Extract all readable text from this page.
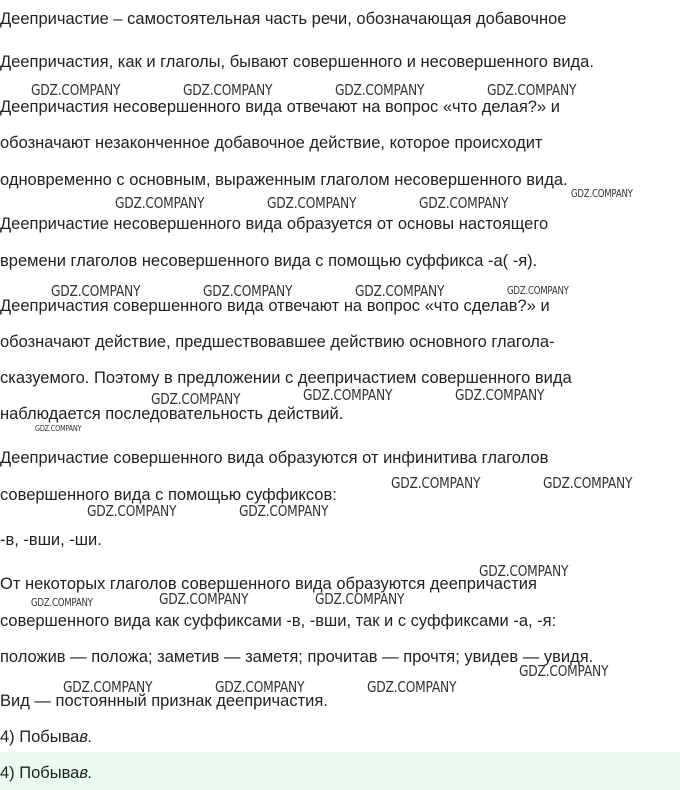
Деепричастие – самостоятельная часть речи, обозначающая добавочное
Деепричастия, как и глаголы, бывают совершенного и несовершенного вида.
Деепричастия несовершенного вида отвечают на вопрос «что делая?» и
обозначают незаконченное добавочное действие, которое происходит
одновременно с основным, выраженным глаголом несовершенного вида.
Деепричастие несовершенного вида образуется от основы настоящего
времени глаголов несовершенного вида с помощью суффикса -а( -я).
Деепричастия совершенного вида отвечают на вопрос «что сделав?» и
обозначают действие, предшествовавшее действию основного глагола-
сказуемого. Поэтому в предложении с деепричастием совершенного вида
наблюдается последовательность действий.
Деепричастие совершенного вида образуются от инфинитива глаголов
совершенного вида с помощью суффиксов:
-в, -вши, -ши.
От некоторых глаголов совершенного вида образуются деепричастия
совершенного вида как суффиксами -в, -вши, так и с суффиксами -а, -я:
положив — положа; заметив — заметя; прочитав — прочтя; увидев — увидя.
Вид — постоянный признак деепричастия.
4) Побывав.
4) Побывав.
GDZ.COMPANY	GDZ.COMPANY	GDZ.COMPANY	GDZ.COMPANY
GDZ.COMPANY
GDZ.COMPANY	GDZ.COMPANY	GDZ.COMPANY
GDZ.COMPANY	GDZ.COMPANY	GDZ.COMPANY	GDZ.COMPANY
GDZ.COMPANY	GDZ.COMPANY	GDZ.COMPANY
GDZ.COMPANY
GDZ.COMPANY	GDZ.COMPANY
GDZ.COMPANY	GDZ.COMPANY
GDZ.COMPANY
GDZ.COMPANY	GDZ.COMPANY	GDZ.COMPANY
GDZ.COMPANY
GDZ.COMPANY	GDZ.COMPANY	GDZ.COMPANY
